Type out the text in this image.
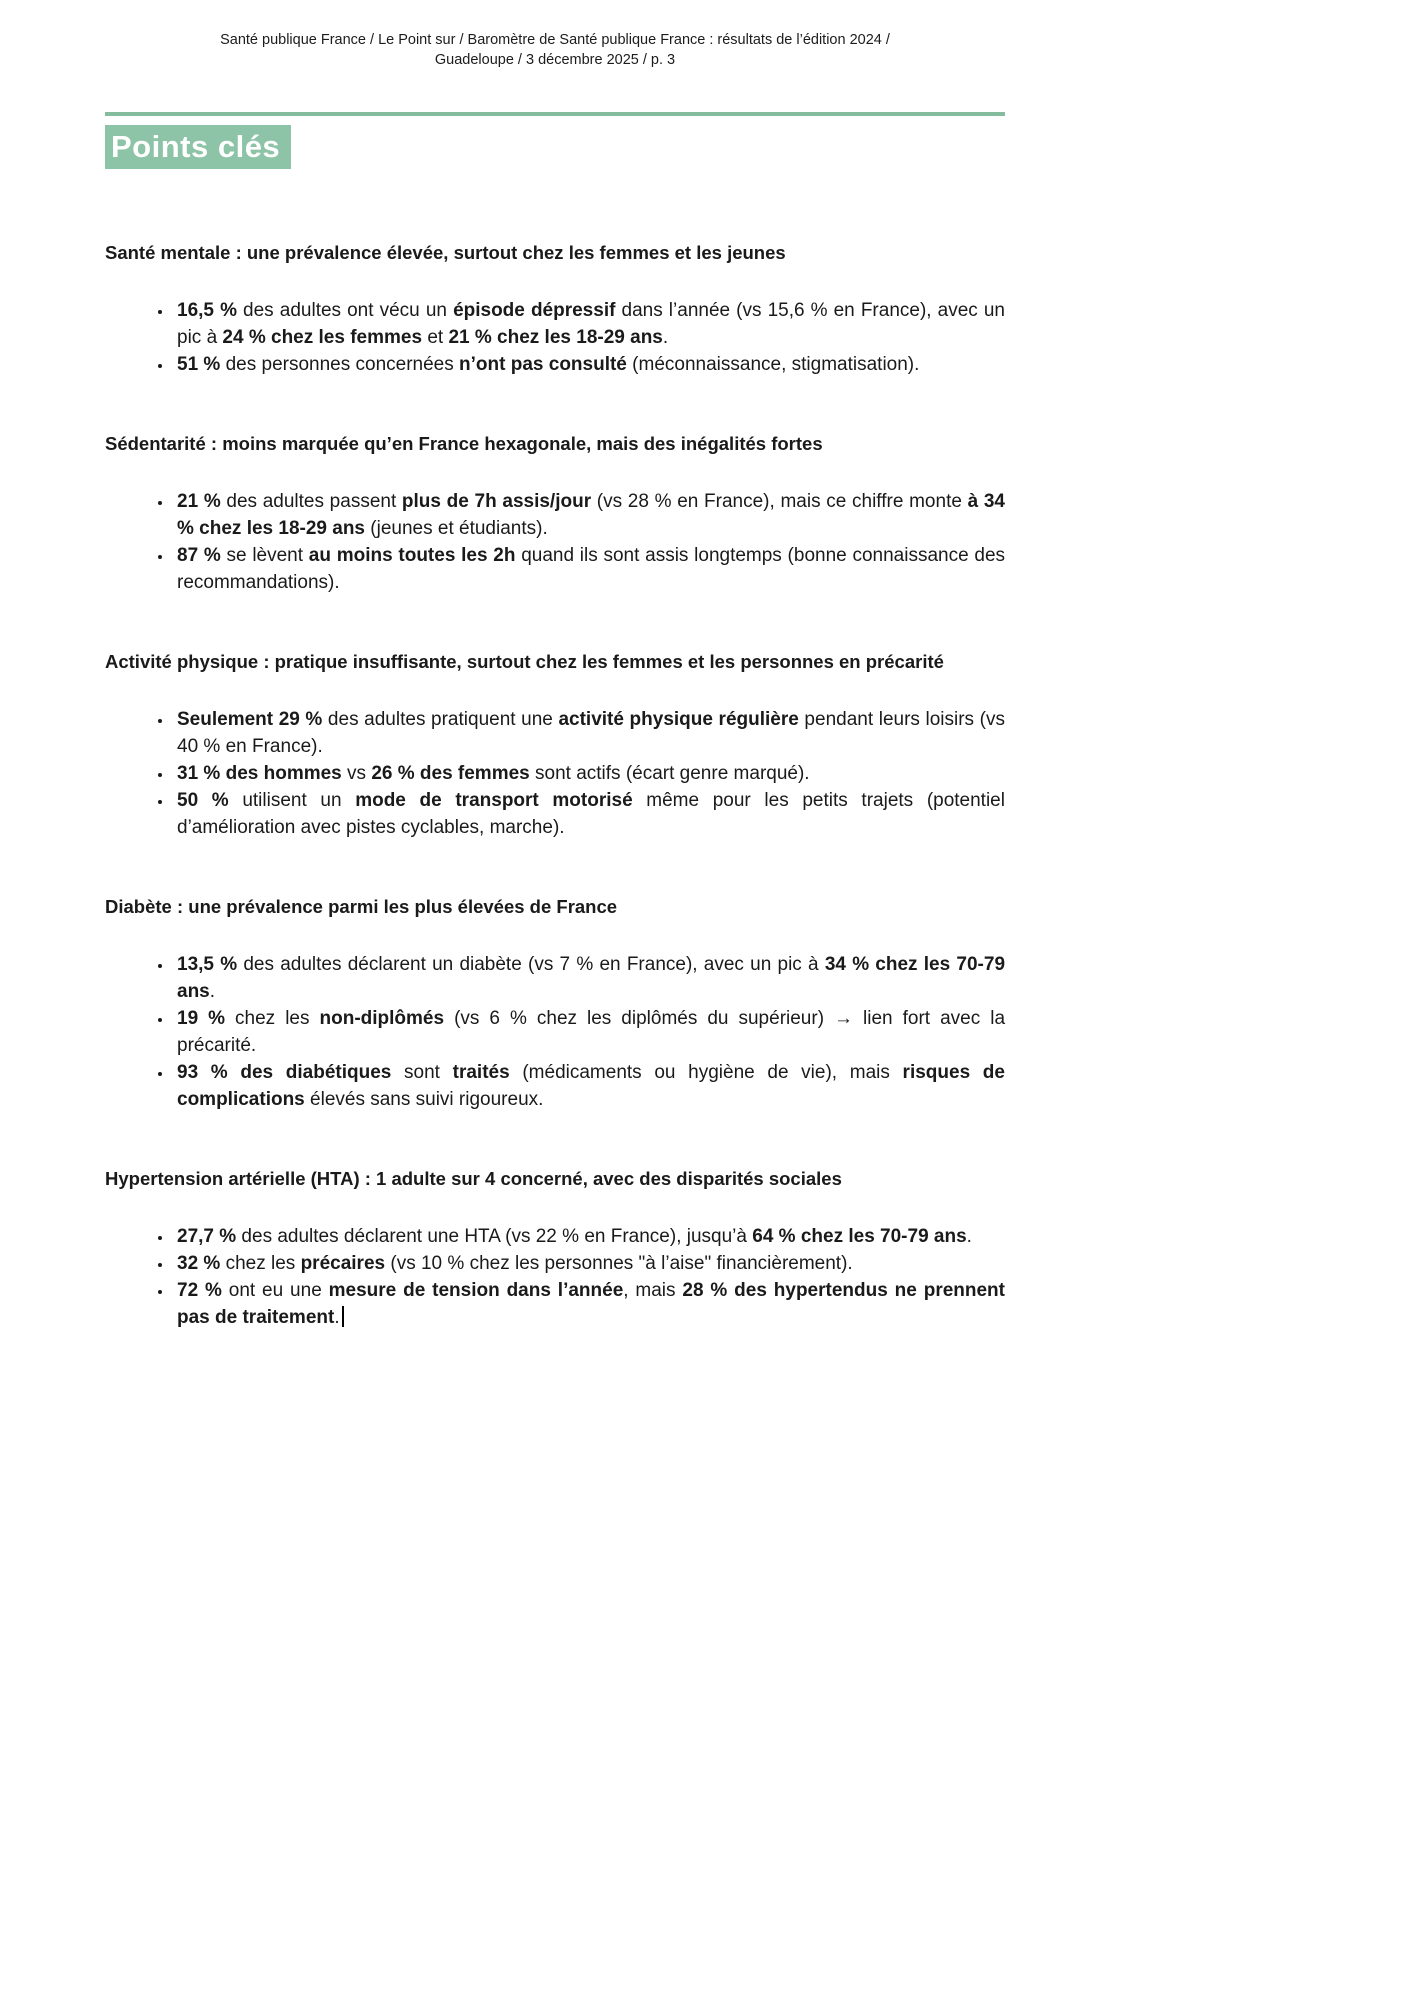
Santé publique France / Le Point sur / Baromètre de Santé publique France : résultats de l’édition 2024 /
Guadeloupe / 3 décembre 2025 / p. 3
Points clés
Santé mentale : une prévalence élevée, surtout chez les femmes et les jeunes
• 16,5 % des adultes ont vécu un épisode dépressif dans l’année (vs 15,6 % en France), avec un pic à 24 % chez les femmes et 21 % chez les 18-29 ans.
• 51 % des personnes concernées n’ont pas consulté (méconnaissance, stigmatisation).
Sédentarité : moins marquée qu’en France hexagonale, mais des inégalités fortes
• 21 % des adultes passent plus de 7h assis/jour (vs 28 % en France), mais ce chiffre monte à 34 % chez les 18-29 ans (jeunes et étudiants).
• 87 % se lèvent au moins toutes les 2h quand ils sont assis longtemps (bonne connaissance des recommandations).
Activité physique : pratique insuffisante, surtout chez les femmes et les personnes en précarité
• Seulement 29 % des adultes pratiquent une activité physique régulière pendant leurs loisirs (vs 40 % en France).
• 31 % des hommes vs 26 % des femmes sont actifs (écart genre marqué).
• 50 % utilisent un mode de transport motorisé même pour les petits trajets (potentiel d’amélioration avec pistes cyclables, marche).
Diabète : une prévalence parmi les plus élevées de France
• 13,5 % des adultes déclarent un diabète (vs 7 % en France), avec un pic à 34 % chez les 70-79 ans.
• 19 % chez les non-diplômés (vs 6 % chez les diplômés du supérieur) → lien fort avec la précarité.
• 93 % des diabétiques sont traités (médicaments ou hygiène de vie), mais risques de complications élevés sans suivi rigoureux.
Hypertension artérielle (HTA) : 1 adulte sur 4 concerné, avec des disparités sociales
• 27,7 % des adultes déclarent une HTA (vs 22 % en France), jusqu’à 64 % chez les 70-79 ans.
• 32 % chez les précaires (vs 10 % chez les personnes "à l’aise" financièrement).
• 72 % ont eu une mesure de tension dans l’année, mais 28 % des hypertendus ne prennent pas de traitement.
